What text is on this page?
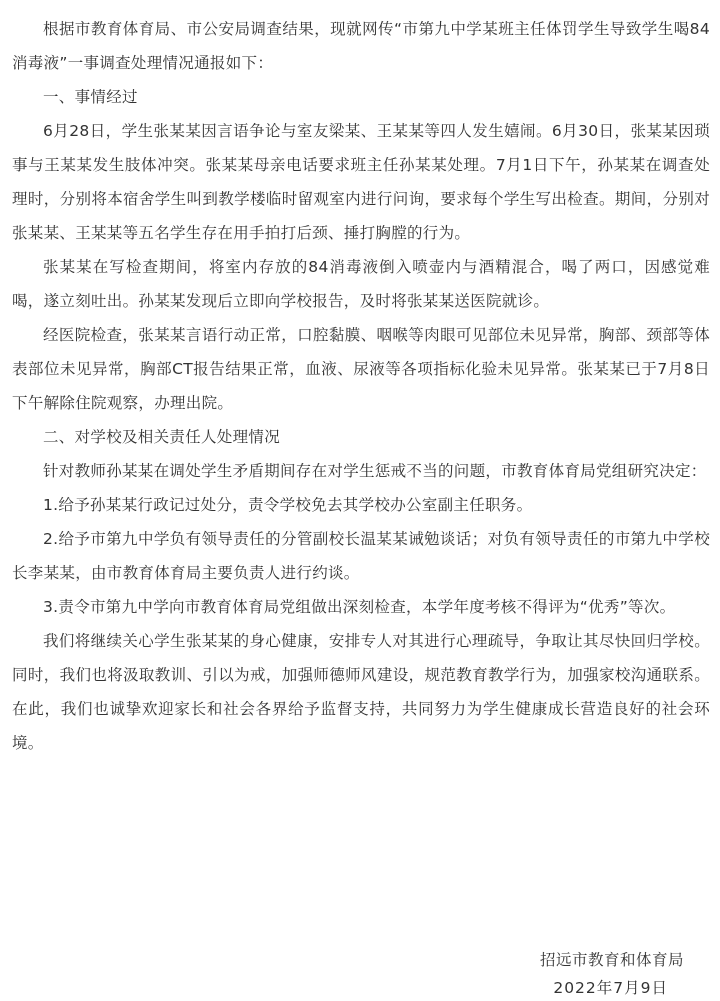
根据市教育体育局、市公安局调查结果，现就网传“市第九中学某班主任体罚学生导致学生喝84消毒液”一事调查处理情况通报如下：

一、事情经过

6月28日，学生张某某因言语争论与室友梁某、王某某等四人发生嬉闹。6月30日，张某某因琐事与王某某发生肢体冲突。张某某母亲电话要求班主任孙某某处理。7月1日下午，孙某某在调查处理时，分别将本宿舍学生叫到教学楼临时留观室内进行问询，要求每个学生写出检查。期间，分别对张某某、王某某等五名学生存在用手拍打后颈、捶打胸膛的行为。

张某某在写检查期间，将室内存放的84消毒液倒入喷壶内与酒精混合，喝了两口，因感觉难喝，遂立刻吐出。孙某某发现后立即向学校报告，及时将张某某送医院就诊。

经医院检查，张某某言语行动正常，口腔黏膜、咽喉等肉眼可见部位未见异常，胸部、颈部等体表部位未见异常，胸部CT报告结果正常，血液、尿液等各项指标化验未见异常。张某某已于7月8日下午解除住院观察，办理出院。

二、对学校及相关责任人处理情况

针对教师孙某某在调处学生矛盾期间存在对学生惩戒不当的问题，市教育体育局党组研究决定：

1.给予孙某某行政记过处分，责令学校免去其学校办公室副主任职务。

2.给予市第九中学负有领导责任的分管副校长温某某诫勉谈话；对负有领导责任的市第九中学校长李某某，由市教育体育局主要负责人进行约谈。

3.责令市第九中学向市教育体育局党组做出深刻检查，本学年度考核不得评为“优秀”等次。

我们将继续关心学生张某某的身心健康，安排专人对其进行心理疏导，争取让其尽快回归学校。同时，我们也将汲取教训、引以为戒，加强师德师风建设，规范教育教学行为，加强家校沟通联系。在此，我们也诚挚欢迎家长和社会各界给予监督支持，共同努力为学生健康成长营造良好的社会环境。

招远市教育和体育局
2022年7月9日
